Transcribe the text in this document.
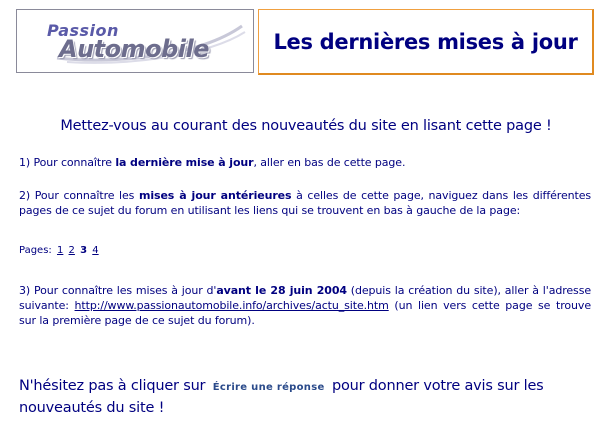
Passion
Automobile	Les dernières mises à jour
Mettez-vous au courant des nouveautés du site en lisant cette page !
1) Pour connaître la dernière mise à jour, aller en bas de cette page.
2) Pour connaître les mises à jour antérieures à celles de cette page, naviguez dans les différentes pages de ce sujet du forum en utilisant les liens qui se trouvent en bas à gauche de la page:
Pages: 1 2 3 4
3) Pour connaître les mises à jour d'avant le 28 juin 2004 (depuis la création du site), aller à l'adresse suivante: http://www.passionautomobile.info/archives/actu_site.htm (un lien vers cette page se trouve sur la première page de ce sujet du forum).
N'hésitez pas à cliquer sur Écrire une réponse pour donner votre avis sur les nouveautés du site !
